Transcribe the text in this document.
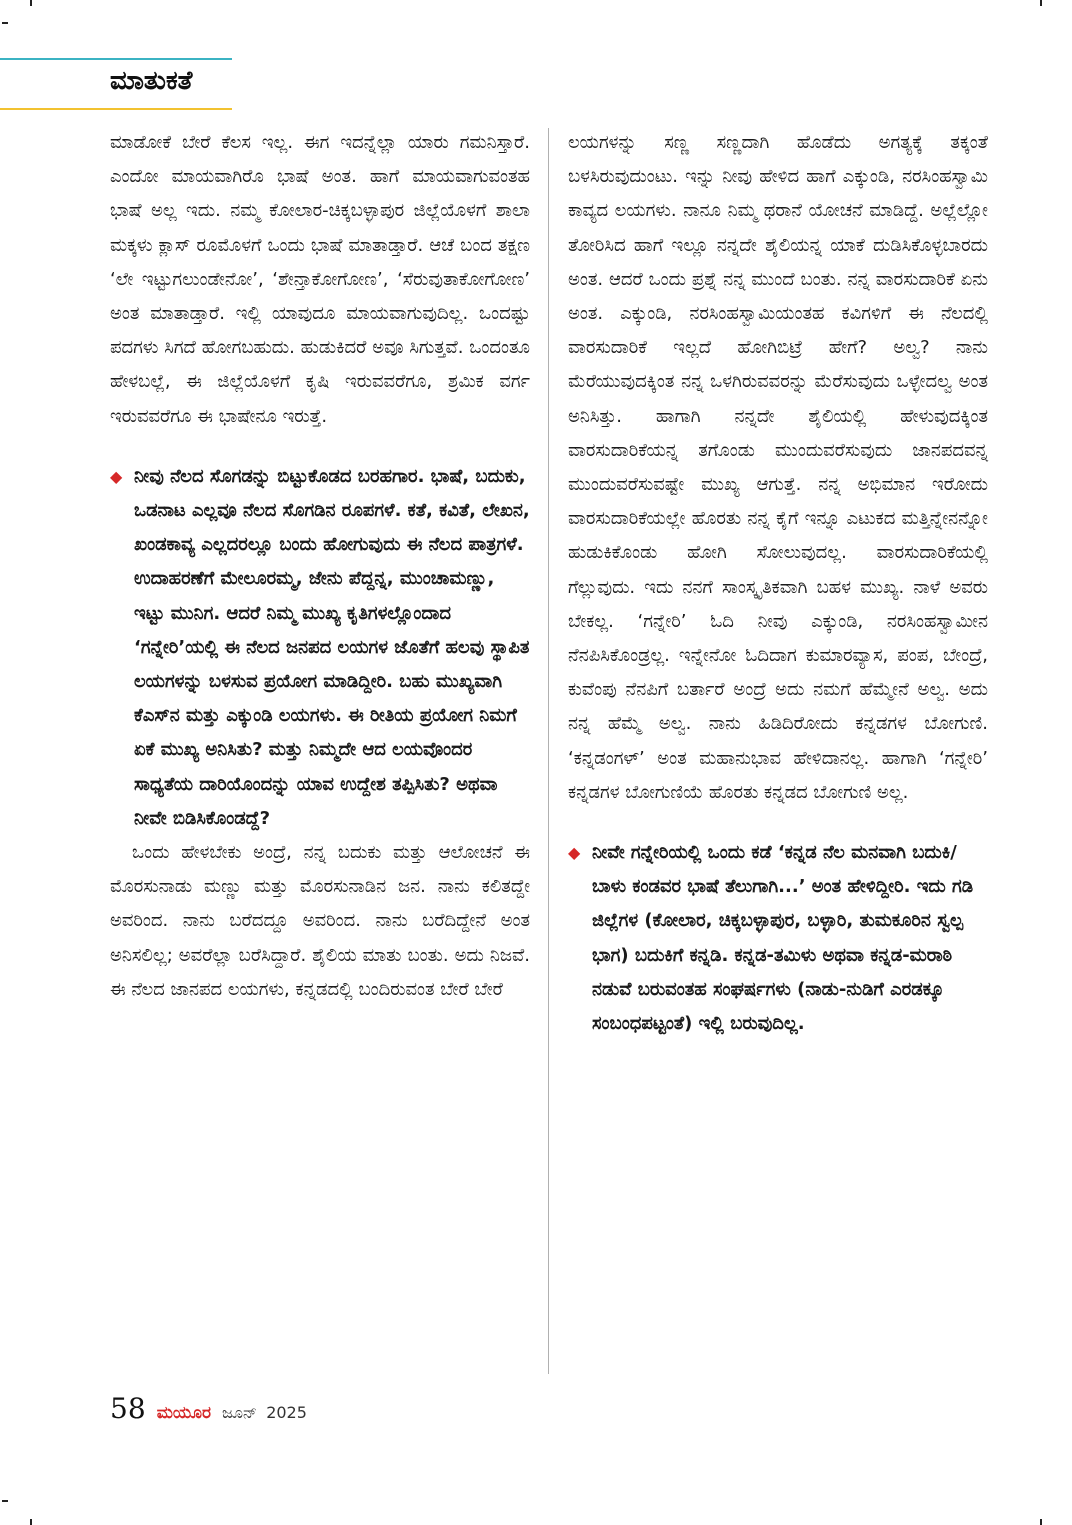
ಮಾತುಕತೆ

ಮಾಡೋಕೆ ಬೇರೆ ಕೆಲಸ ಇಲ್ಲ. ಈಗ ಇದನ್ನೆಲ್ಲಾ ಯಾರು ಗಮನಿಸ್ತಾರೆ. ಎಂದೋ ಮಾಯವಾಗಿರೊ ಭಾಷೆ ಅಂತ. ಹಾಗೆ ಮಾಯವಾಗುವಂತಹ ಭಾಷೆ ಅಲ್ಲ ಇದು. ನಮ್ಮ ಕೋಲಾರ-ಚಿಕ್ಕಬಳ್ಳಾಪುರ ಜಿಲ್ಲೆಯೊಳಗೆ ಶಾಲಾ ಮಕ್ಕಳು ಕ್ಲಾಸ್ ರೂಮೊಳಗೆ ಒಂದು ಭಾಷೆ ಮಾತಾಡ್ತಾರೆ. ಆಚೆ ಬಂದ ತಕ್ಷಣ ‘ಲೇ ಇಟ್ಟುಗಲುಂಡೇನೋ’, ‘ಶೇನ್ತಾಕೋಗೋಣ’, ‘ಸೆರುವುತಾಕೋಗೋಣ’ ಅಂತ ಮಾತಾಡ್ತಾರೆ. ಇಲ್ಲಿ ಯಾವುದೂ ಮಾಯವಾಗುವುದಿಲ್ಲ. ಒಂದಷ್ಟು ಪದಗಳು ಸಿಗದೆ ಹೋಗಬಹುದು. ಹುಡುಕಿದರೆ ಅವೂ ಸಿಗುತ್ತವೆ. ಒಂದಂತೂ ಹೇಳಬಲ್ಲೆ, ಈ ಜಿಲ್ಲೆಯೊಳಗೆ ಕೃಷಿ ಇರುವವರೆಗೂ, ಶ್ರಮಿಕ ವರ್ಗ ಇರುವವರೆಗೂ ಈ ಭಾಷೇನೂ ಇರುತ್ತೆ.

◆ ನೀವು ನೆಲದ ಸೊಗಡನ್ನು ಬಿಟ್ಟುಕೊಡದ ಬರಹಗಾರ. ಭಾಷೆ, ಬದುಕು, ಒಡನಾಟ ಎಲ್ಲವೂ ನೆಲದ ಸೊಗಡಿನ ರೂಪಗಳೆ. ಕತೆ, ಕವಿತೆ, ಲೇಖನ, ಖಂಡಕಾವ್ಯ ಎಲ್ಲದರಲ್ಲೂ ಬಂದು ಹೋಗುವುದು ಈ ನೆಲದ ಪಾತ್ರಗಳೆ. ಉದಾಹರಣೆಗೆ ಮೇಲೂರಮ್ಮ, ಜೇನು ಪೆದ್ದನ್ನ, ಮುಂಚಾಮಣ್ಣು, ಇಟ್ಟು ಮುನಿಗ. ಆದರೆ ನಿಮ್ಮ ಮುಖ್ಯ ಕೃತಿಗಳಲ್ಲೊಂದಾದ ‘ಗನ್ನೇರಿ’ಯಲ್ಲಿ ಈ ನೆಲದ ಜನಪದ ಲಯಗಳ ಜೊತೆಗೆ ಹಲವು ಸ್ಥಾಪಿತ ಲಯಗಳನ್ನು ಬಳಸುವ ಪ್ರಯೋಗ ಮಾಡಿದ್ದೀರಿ. ಬಹು ಮುಖ್ಯವಾಗಿ ಕೆಎಸ್‌ನ ಮತ್ತು ಎಕ್ಕುಂಡಿ ಲಯಗಳು. ಈ ರೀತಿಯ ಪ್ರಯೋಗ ನಿಮಗೆ ಏಕೆ ಮುಖ್ಯ ಅನಿಸಿತು? ಮತ್ತು ನಿಮ್ಮದೇ ಆದ ಲಯವೊಂದರ ಸಾಧ್ಯತೆಯ ದಾರಿಯೊಂದನ್ನು ಯಾವ ಉದ್ದೇಶ ತಪ್ಪಿಸಿತು? ಅಥವಾ ನೀವೇ ಬಿಡಿಸಿಕೊಂಡದ್ದೆ?

ಒಂದು ಹೇಳಬೇಕು ಅಂದ್ರೆ, ನನ್ನ ಬದುಕು ಮತ್ತು ಆಲೋಚನೆ ಈ ಮೊರಸುನಾಡು ಮಣ್ಣು ಮತ್ತು ಮೊರಸುನಾಡಿನ ಜನ. ನಾನು ಕಲಿತದ್ದೇ ಅವರಿಂದ. ನಾನು ಬರೆದದ್ದೂ ಅವರಿಂದ. ನಾನು ಬರೆದಿದ್ದೇನೆ ಅಂತ ಅನಿಸಲಿಲ್ಲ; ಅವರೆಲ್ಲಾ ಬರೆಸಿದ್ದಾರೆ. ಶೈಲಿಯ ಮಾತು ಬಂತು. ಅದು ನಿಜವೆ. ಈ ನೆಲದ ಜಾನಪದ ಲಯಗಳು, ಕನ್ನಡದಲ್ಲಿ ಬಂದಿರುವಂತ ಬೇರೆ ಬೇರೆ

ಲಯಗಳನ್ನು ಸಣ್ಣ ಸಣ್ಣದಾಗಿ ಹೊಡೆದು ಅಗತ್ಯಕ್ಕೆ ತಕ್ಕಂತೆ ಬಳಸಿರುವುದುಂಟು. ಇನ್ನು ನೀವು ಹೇಳಿದ ಹಾಗೆ ಎಕ್ಕುಂಡಿ, ನರಸಿಂಹಸ್ವಾಮಿ ಕಾವ್ಯದ ಲಯಗಳು. ನಾನೂ ನಿಮ್ಮ ಥರಾನೆ ಯೋಚನೆ ಮಾಡಿದ್ದೆ. ಅಲ್ಲೆಲ್ಲೋ ತೋರಿಸಿದ ಹಾಗೆ ಇಲ್ಲೂ ನನ್ನದೇ ಶೈಲಿಯನ್ನ ಯಾಕೆ ದುಡಿಸಿಕೊಳ್ಳಬಾರದು ಅಂತ. ಆದರೆ ಒಂದು ಪ್ರಶ್ನೆ ನನ್ನ ಮುಂದೆ ಬಂತು. ನನ್ನ ವಾರಸುದಾರಿಕೆ ಏನು ಅಂತ. ಎಕ್ಕುಂಡಿ, ನರಸಿಂಹಸ್ವಾಮಿಯಂತಹ ಕವಿಗಳಿಗೆ ಈ ನೆಲದಲ್ಲಿ ವಾರಸುದಾರಿಕೆ ಇಲ್ಲದೆ ಹೋಗಿಬಿಟ್ರೆ ಹೇಗೆ? ಅಲ್ವ? ನಾನು ಮೆರೆಯುವುದಕ್ಕಿಂತ ನನ್ನ ಒಳಗಿರುವವರನ್ನು ಮೆರೆಸುವುದು ಒಳ್ಳೇದಲ್ವ ಅಂತ ಅನಿಸಿತ್ತು. ಹಾಗಾಗಿ ನನ್ನದೇ ಶೈಲಿಯಲ್ಲಿ ಹೇಳುವುದಕ್ಕಿಂತ ವಾರಸುದಾರಿಕೆಯನ್ನ ತಗೊಂಡು ಮುಂದುವರೆಸುವುದು ಜಾನಪದವನ್ನ ಮುಂದುವರೆಸುವಷ್ಟೇ ಮುಖ್ಯ ಆಗುತ್ತೆ. ನನ್ನ ಅಭಿಮಾನ ಇರೋದು ವಾರಸುದಾರಿಕೆಯಲ್ಲೇ ಹೊರತು ನನ್ನ ಕೈಗೆ ಇನ್ನೂ ಎಟುಕದ ಮತ್ತಿನ್ನೇನನ್ನೋ ಹುಡುಕಿಕೊಂಡು ಹೋಗಿ ಸೋಲುವುದಲ್ಲ. ವಾರಸುದಾರಿಕೆಯಲ್ಲಿ ಗೆಲ್ಲುವುದು. ಇದು ನನಗೆ ಸಾಂಸ್ಕೃತಿಕವಾಗಿ ಬಹಳ ಮುಖ್ಯ. ನಾಳೆ ಅವರು ಬೇಕಲ್ಲ. ‘ಗನ್ನೇರಿ’ ಓದಿ ನೀವು ಎಕ್ಕುಂಡಿ, ನರಸಿಂಹಸ್ವಾಮೀನ ನೆನಪಿಸಿಕೊಂಡ್ರಲ್ಲ. ಇನ್ನೇನೋ ಓದಿದಾಗ ಕುಮಾರವ್ಯಾಸ, ಪಂಪ, ಬೇಂದ್ರೆ, ಕುವೆಂಪು ನೆನಪಿಗೆ ಬರ್ತಾರೆ ಅಂದ್ರೆ ಅದು ನಮಗೆ ಹೆಮ್ಮೇನೆ ಅಲ್ವ. ಅದು ನನ್ನ ಹೆಮ್ಮೆ ಅಲ್ವ. ನಾನು ಹಿಡಿದಿರೋದು ಕನ್ನಡಗಳ ಬೋಗುಣಿ. ‘ಕನ್ನಡಂಗಳ್’ ಅಂತ ಮಹಾನುಭಾವ ಹೇಳಿದಾನಲ್ಲ. ಹಾಗಾಗಿ ‘ಗನ್ನೇರಿ’ ಕನ್ನಡಗಳ ಬೋಗುಣಿಯೆ ಹೊರತು ಕನ್ನಡದ ಬೋಗುಣಿ ಅಲ್ಲ.

◆ ನೀವೇ ಗನ್ನೇರಿಯಲ್ಲಿ ಒಂದು ಕಡೆ ‘ಕನ್ನಡ ನೆಲ ಮನವಾಗಿ ಬದುಕಿ/ ಬಾಳು ಕಂಡವರ ಭಾಷೆ ತೆಲುಗಾಗಿ...’ ಅಂತ ಹೇಳಿದ್ದೀರಿ. ಇದು ಗಡಿ ಜಿಲ್ಲೆಗಳ (ಕೋಲಾರ, ಚಿಕ್ಕಬಳ್ಳಾಪುರ, ಬಳ್ಳಾರಿ, ತುಮಕೂರಿನ ಸ್ವಲ್ಪ ಭಾಗ) ಬದುಕಿಗೆ ಕನ್ನಡಿ. ಕನ್ನಡ-ತಮಿಳು ಅಥವಾ ಕನ್ನಡ-ಮರಾಠಿ ನಡುವೆ ಬರುವಂತಹ ಸಂಘರ್ಷಗಳು (ನಾಡು-ನುಡಿಗೆ ಎರಡಕ್ಕೂ ಸಂಬಂಧಪಟ್ಟಂತೆ) ಇಲ್ಲಿ ಬರುವುದಿಲ್ಲ.

58 ಮಯೂರ ಜೂನ್ 2025
